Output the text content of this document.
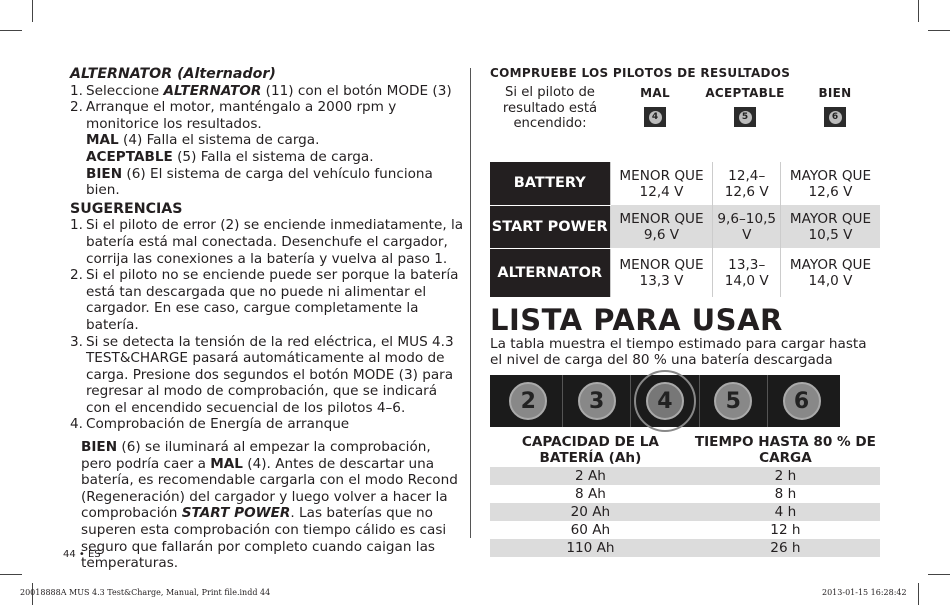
ALTERNATOR (Alternador)
1. Seleccione ALTERNATOR (11) con el botón MODE (3)
2. Arranque el motor, manténgalo a 2000 rpm y monitorice los resultados.
MAL (4) Falla el sistema de carga.
ACEPTABLE (5) Falla el sistema de carga.
BIEN (6) El sistema de carga del vehículo funciona bien.
SUGERENCIAS
1. Si el piloto de error (2) se enciende inmediatamente, la batería está mal conectada. Desenchufe el cargador, corrija las conexiones a la batería y vuelva al paso 1.
2. Si el piloto no se enciende puede ser porque la batería está tan descargada que no puede ni alimentar el cargador. En ese caso, cargue completamente la batería.
3. Si se detecta la tensión de la red eléctrica, el MUS 4.3 TEST&CHARGE pasará automáticamente al modo de carga. Presione dos segundos el botón MODE (3) para regresar al modo de comprobación, que se indicará con el encendido secuencial de los pilotos 4–6.
4. Comprobación de Energía de arranque
BIEN (6) se iluminará al empezar la comprobación, pero podría caer a MAL (4). Antes de descartar una batería, es recomendable cargarla con el modo Recond (Regeneración) del cargador y luego volver a hacer la comprobación START POWER. Las baterías que no superen esta comprobación con tiempo cálido es casi seguro que fallarán por completo cuando caigan las temperaturas.
COMPRUEBE LOS PILOTOS DE RESULTADOS
Si el piloto de resultado está encendido:
MAL
4
ACEPTABLE
5
BIEN
6
BATTERY	MENOR QUE 12,4 V	12,4–12,6 V	MAYOR QUE 12,6 V
START POWER	MENOR QUE 9,6 V	9,6–10,5 V	MAYOR QUE 10,5 V
ALTERNATOR	MENOR QUE 13,3 V	13,3–14,0 V	MAYOR QUE 14,0 V
LISTA PARA USAR
La tabla muestra el tiempo estimado para cargar hasta el nivel de carga del 80 % una batería descargada
2	3	4	5	6
CAPACIDAD DE LA BATERÍA (Ah)	TIEMPO HASTA 80 % DE CARGA
2 Ah	2 h
8 Ah	8 h
20 Ah	4 h
60 Ah	12 h
110 Ah	26 h
44 • ES
20018888A MUS 4.3 Test&Charge, Manual, Print file.indd 44	2013-01-15 16:28:42
